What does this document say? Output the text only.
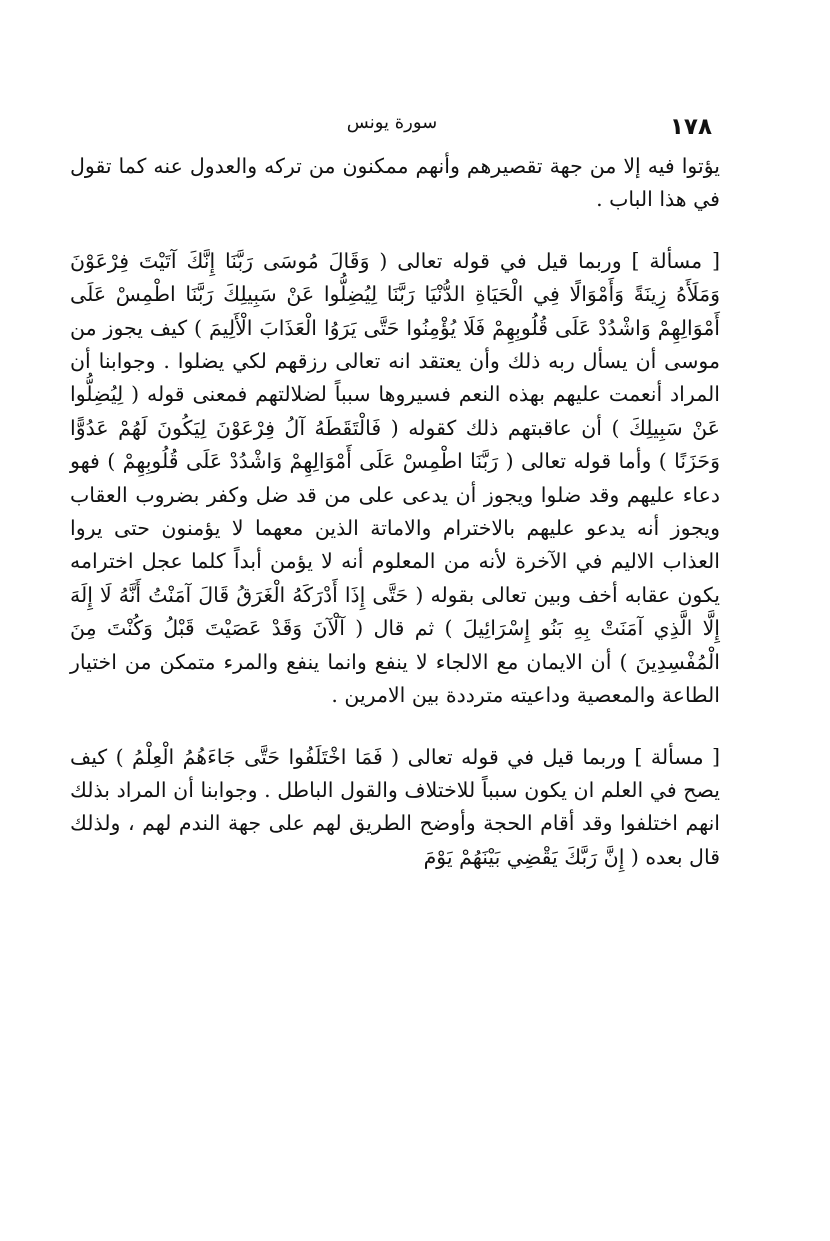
١٧٨
سورة يونس

يؤتوا فيه إلا من جهة تقصيرهم وأنهم ممكنون من تركه والعدول عنه كما تقول في هذا الباب .

[ مسألة ] وربما قيل في قوله تعالى ( وَقَالَ مُوسَى رَبَّنَا إِنَّكَ آتَيْتَ فِرْعَوْنَ وَمَلَأَهُ زِينَةً وَأَمْوَالًا فِي الْحَيَاةِ الدُّنْيَا رَبَّنَا لِيُضِلُّوا عَنْ سَبِيلِكَ رَبَّنَا اطْمِسْ عَلَى أَمْوَالِهِمْ وَاشْدُدْ عَلَى قُلُوبِهِمْ فَلَا يُؤْمِنُوا حَتَّى يَرَوُا الْعَذَابَ الْأَلِيمَ ) كيف يجوز من موسى أن يسأل ربه ذلك وأن يعتقد انه تعالى رزقهم لكي يضلوا . وجوابنا أن المراد أنعمت عليهم بهذه النعم فسيروها سبباً لضلالتهم فمعنى قوله ( لِيُضِلُّوا عَنْ سَبِيلِكَ ) أن عاقبتهم ذلك كقوله ( فَالْتَقَطَهُ آلُ فِرْعَوْنَ لِيَكُونَ لَهُمْ عَدُوًّا وَحَزَنًا ) وأما قوله تعالى ( رَبَّنَا اطْمِسْ عَلَى أَمْوَالِهِمْ وَاشْدُدْ عَلَى قُلُوبِهِمْ ) فهو دعاء عليهم وقد ضلوا ويجوز أن يدعى على من قد ضل وكفر بضروب العقاب ويجوز أنه يدعو عليهم بالاخترام والاماتة الذين معهما لا يؤمنون حتى يروا العذاب الاليم في الآخرة لأنه من المعلوم أنه لا يؤمن أبداً كلما عجل اخترامه يكون عقابه أخف وبين تعالى بقوله ( حَتَّى إِذَا أَدْرَكَهُ الْغَرَقُ قَالَ آمَنْتُ أَنَّهُ لَا إِلَهَ إِلَّا الَّذِي آمَنَتْ بِهِ بَنُو إِسْرَائِيلَ ) ثم قال ( آلْآنَ وَقَدْ عَصَيْتَ قَبْلُ وَكُنْتَ مِنَ الْمُفْسِدِينَ ) أن الايمان مع الالجاء لا ينفع وانما ينفع والمرء متمكن من اختيار الطاعة والمعصية وداعيته مترددة بين الامرين .

[ مسألة ] وربما قيل في قوله تعالى ( فَمَا اخْتَلَفُوا حَتَّى جَاءَهُمُ الْعِلْمُ ) كيف يصح في العلم ان يكون سبباً للاختلاف والقول الباطل . وجوابنا أن المراد بذلك انهم اختلفوا وقد أقام الحجة وأوضح الطريق لهم على جهة الندم لهم ، ولذلك قال بعده ( إِنَّ رَبَّكَ يَقْضِي بَيْنَهُمْ يَوْمَ
